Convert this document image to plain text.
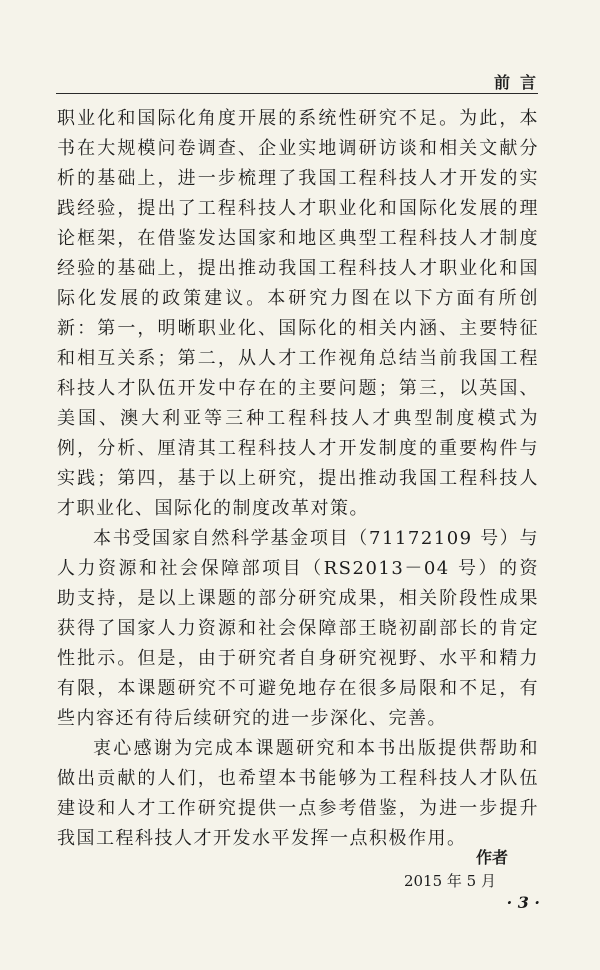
前言

职业化和国际化角度开展的系统性研究不足。为此，本书在大规模问卷调查、企业实地调研访谈和相关文献分析的基础上，进一步梳理了我国工程科技人才开发的实践经验，提出了工程科技人才职业化和国际化发展的理论框架，在借鉴发达国家和地区典型工程科技人才制度经验的基础上，提出推动我国工程科技人才职业化和国际化发展的政策建议。本研究力图在以下方面有所创新：第一，明晰职业化、国际化的相关内涵、主要特征和相互关系；第二，从人才工作视角总结当前我国工程科技人才队伍开发中存在的主要问题；第三，以英国、美国、澳大利亚等三种工程科技人才典型制度模式为例，分析、厘清其工程科技人才开发制度的重要构件与实践；第四，基于以上研究，提出推动我国工程科技人才职业化、国际化的制度改革对策。

本书受国家自然科学基金项目（71172109 号）与人力资源和社会保障部项目（RS2013－04 号）的资助支持，是以上课题的部分研究成果，相关阶段性成果获得了国家人力资源和社会保障部王晓初副部长的肯定性批示。但是，由于研究者自身研究视野、水平和精力有限，本课题研究不可避免地存在很多局限和不足，有些内容还有待后续研究的进一步深化、完善。

衷心感谢为完成本课题研究和本书出版提供帮助和做出贡献的人们，也希望本书能够为工程科技人才队伍建设和人才工作研究提供一点参考借鉴，为进一步提升我国工程科技人才开发水平发挥一点积极作用。

作者
2015 年 5 月
· 3 ·
